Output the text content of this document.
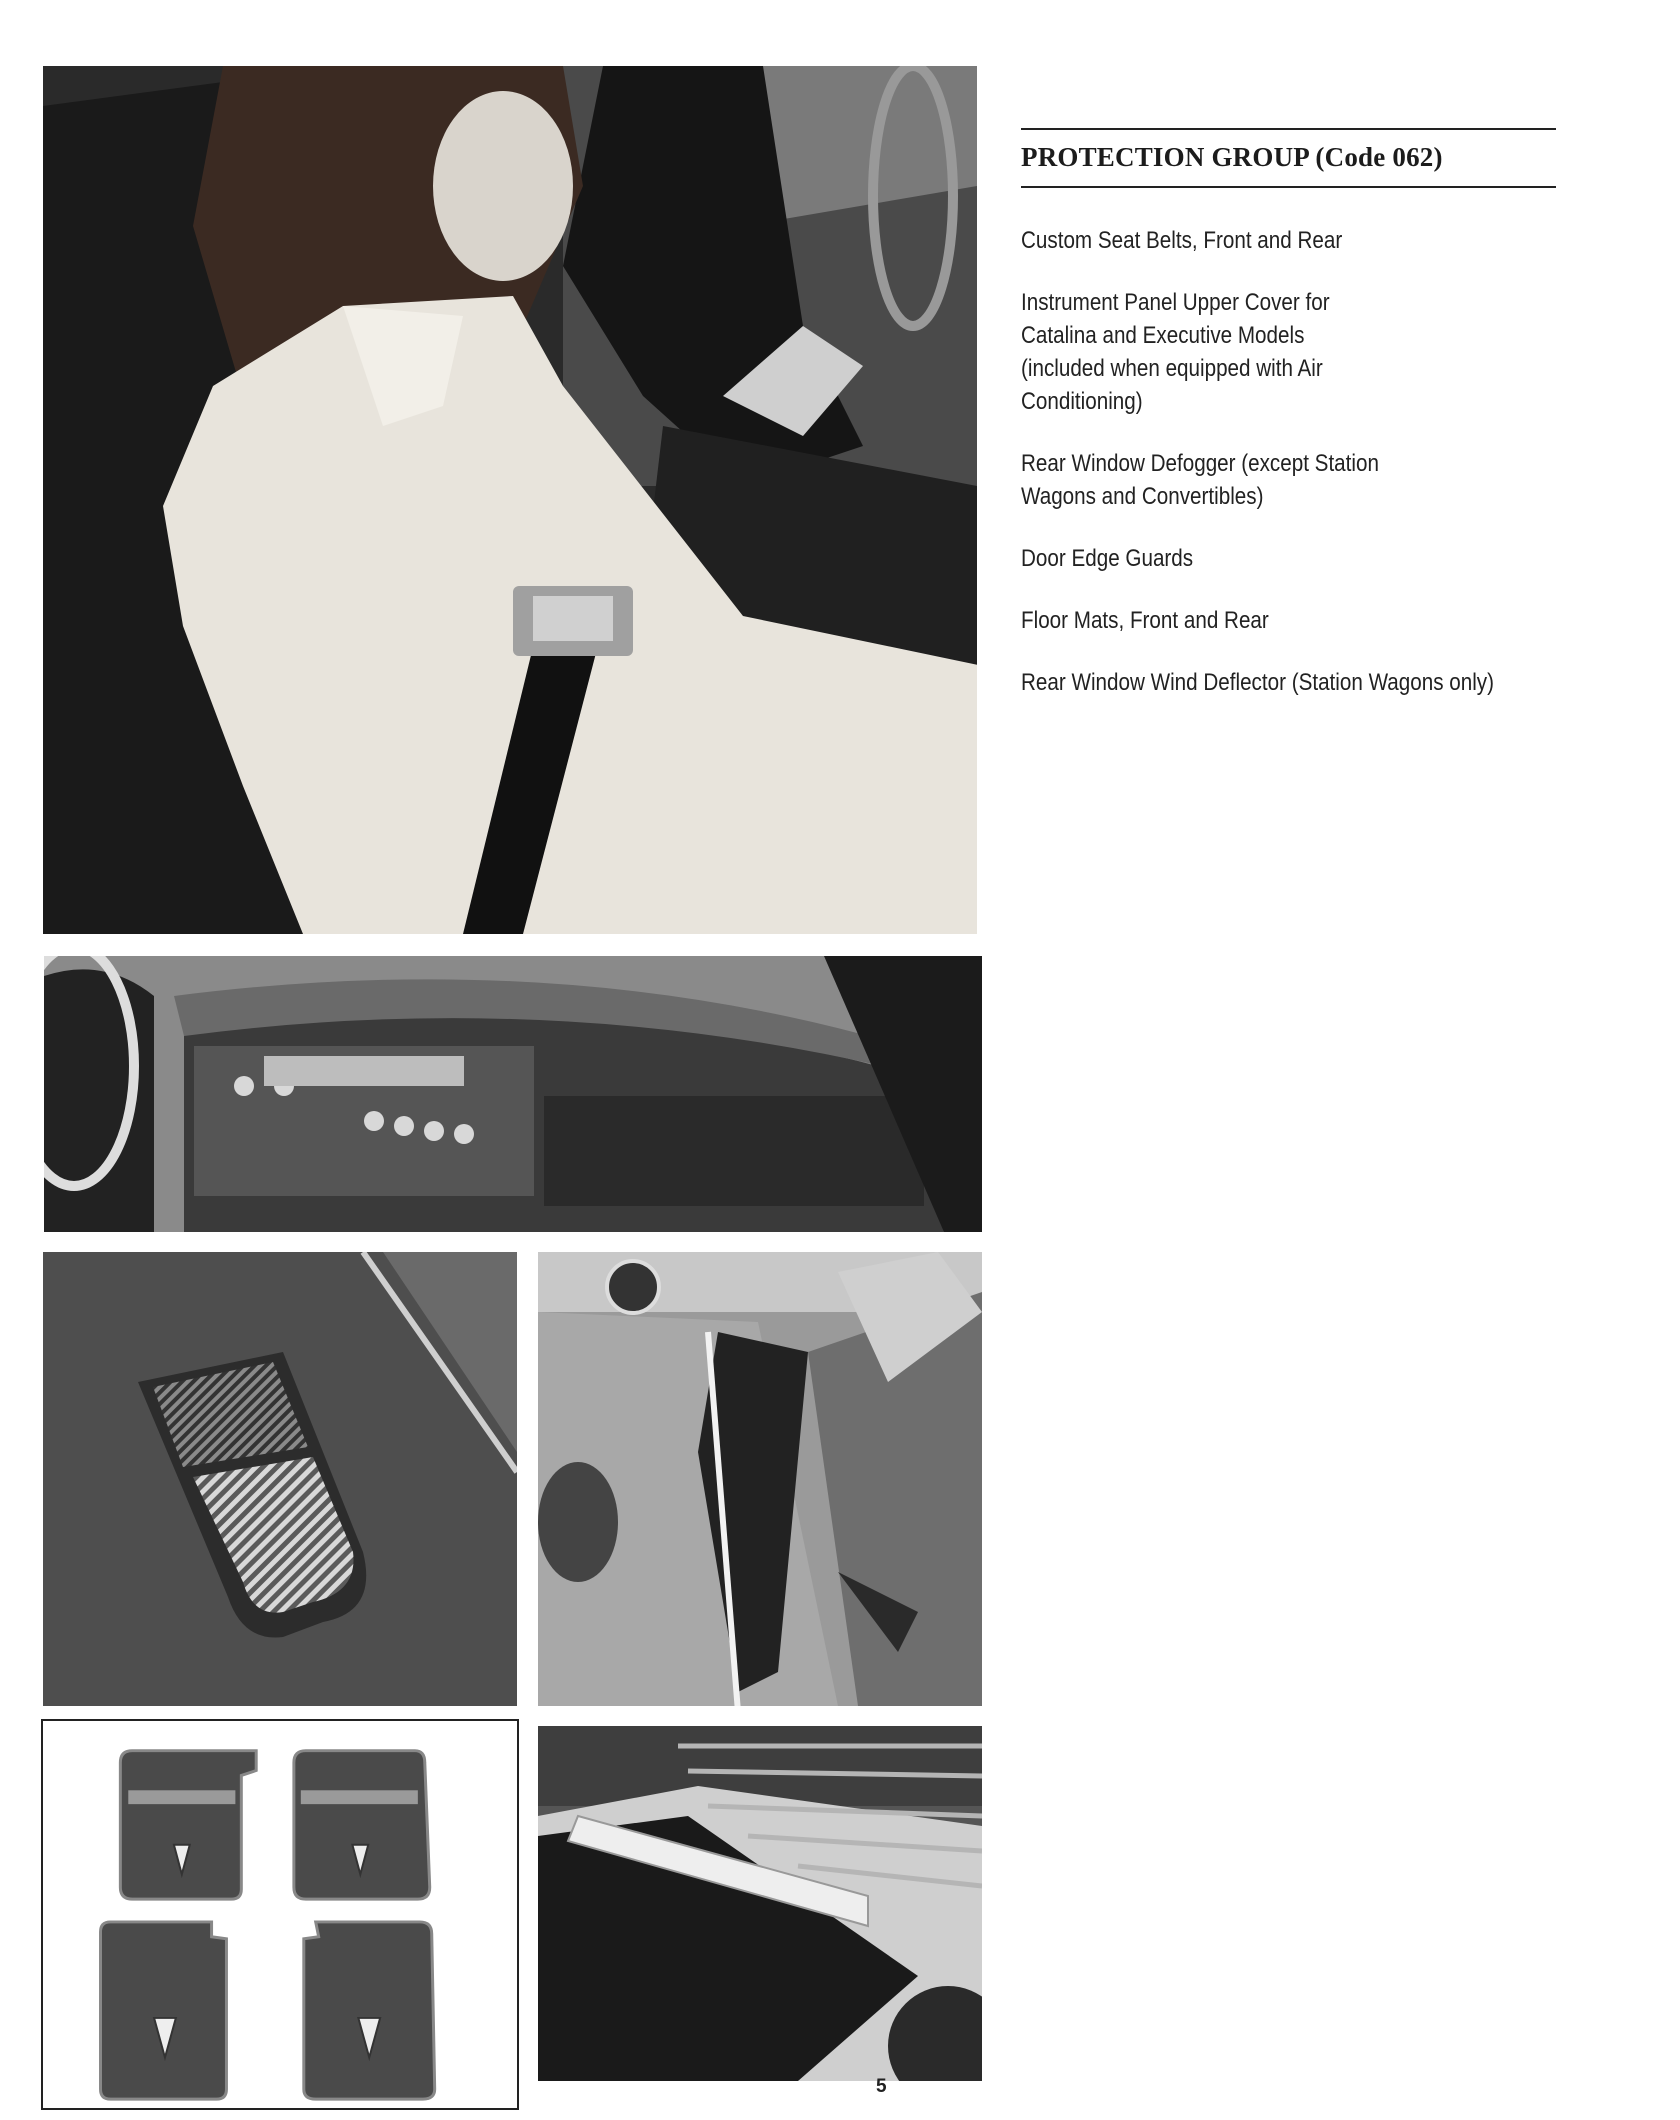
PROTECTION GROUP (Code 062)
Custom Seat Belts, Front and Rear
Instrument Panel Upper Cover for Catalina and Executive Models (included when equipped with Air Conditioning)
Rear Window Defogger (except Station Wagons and Convertibles)
Door Edge Guards
Floor Mats, Front and Rear
Rear Window Wind Deflector (Station Wagons only)
5
